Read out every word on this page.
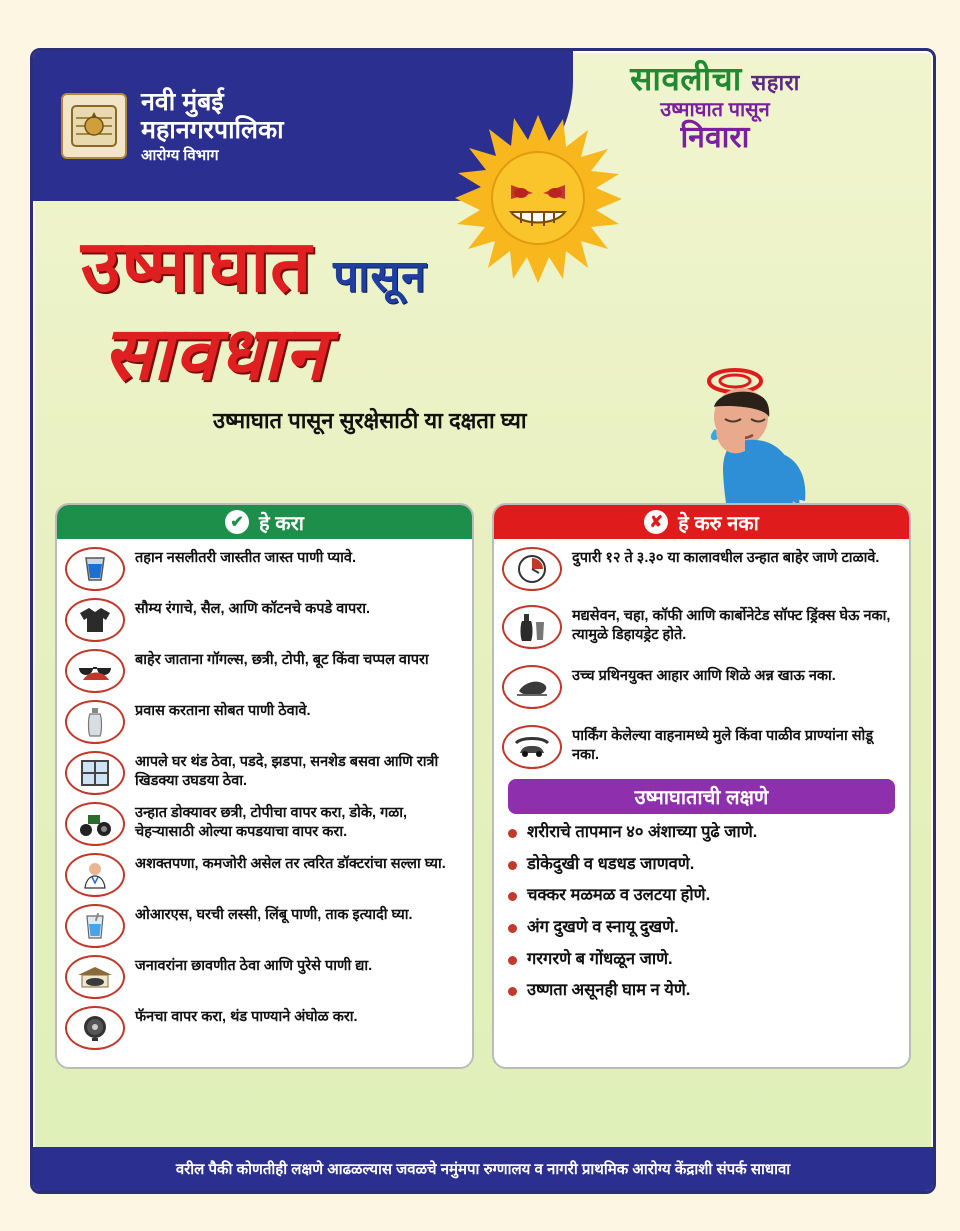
नवी मुंबई
महानगरपालिका
आरोग्य विभाग
सावलीचा सहारा
उष्माघात पासून
निवारा
उष्माघात पासून
सावधान
उष्माघात पासून सुरक्षेसाठी या दक्षता घ्या
✔ हे करा
तहान नसलीतरी जास्तीत जास्त पाणी प्यावे.
सौम्य रंगाचे, सैल, आणि कॉटनचे कपडे वापरा.
बाहेर जाताना गॉगल्स, छत्री, टोपी, बूट किंवा चप्पल वापरा
प्रवास करताना सोबत पाणी ठेवावे.
आपले घर थंड ठेवा, पडदे, झडपा, सनशेड बसवा आणि रात्री खिडक्या उघडया ठेवा.
उन्हात डोक्यावर छत्री, टोपीचा वापर करा, डोके, गळा, चेहऱ्यासाठी ओल्या कपडयाचा वापर करा.
अशक्तपणा, कमजोरी असेल तर त्वरित डॉक्टरांचा सल्ला घ्या.
ओआरएस, घरची लस्सी, लिंबू पाणी, ताक इत्यादी घ्या.
जनावरांना छावणीत ठेवा आणि पुरेसे पाणी द्या.
फॅनचा वापर करा, थंड पाण्याने अंघोळ करा.
✘ हे करु नका
दुपारी १२ ते ३.३० या कालावधील उन्हात बाहेर जाणे टाळावे.
मद्यसेवन, चहा, कॉफी आणि कार्बोनेटेड सॉफ्ट ड्रिंक्स घेऊ नका, त्यामुळे डिहायड्रेट होते.
उच्च प्रथिनयुक्त आहार आणि शिळे अन्न खाऊ नका.
पार्किंग केलेल्या वाहनामध्ये मुले किंवा पाळीव प्राण्यांना सोडू नका.
उष्माघाताची लक्षणे
शरीराचे तापमान ४० अंशाच्या पुढे जाणे.
डोकेदुखी व धडधड जाणवणे.
चक्कर मळमळ व उलटया होणे.
अंग दुखणे व स्नायू दुखणे.
गरगरणे ब गोंधळून जाणे.
उष्णता असूनही घाम न येणे.
वरील पैकी कोणतीही लक्षणे आढळल्यास जवळचे नमुंमपा रुग्णालय व नागरी प्राथमिक आरोग्य केंद्राशी संपर्क साधावा
